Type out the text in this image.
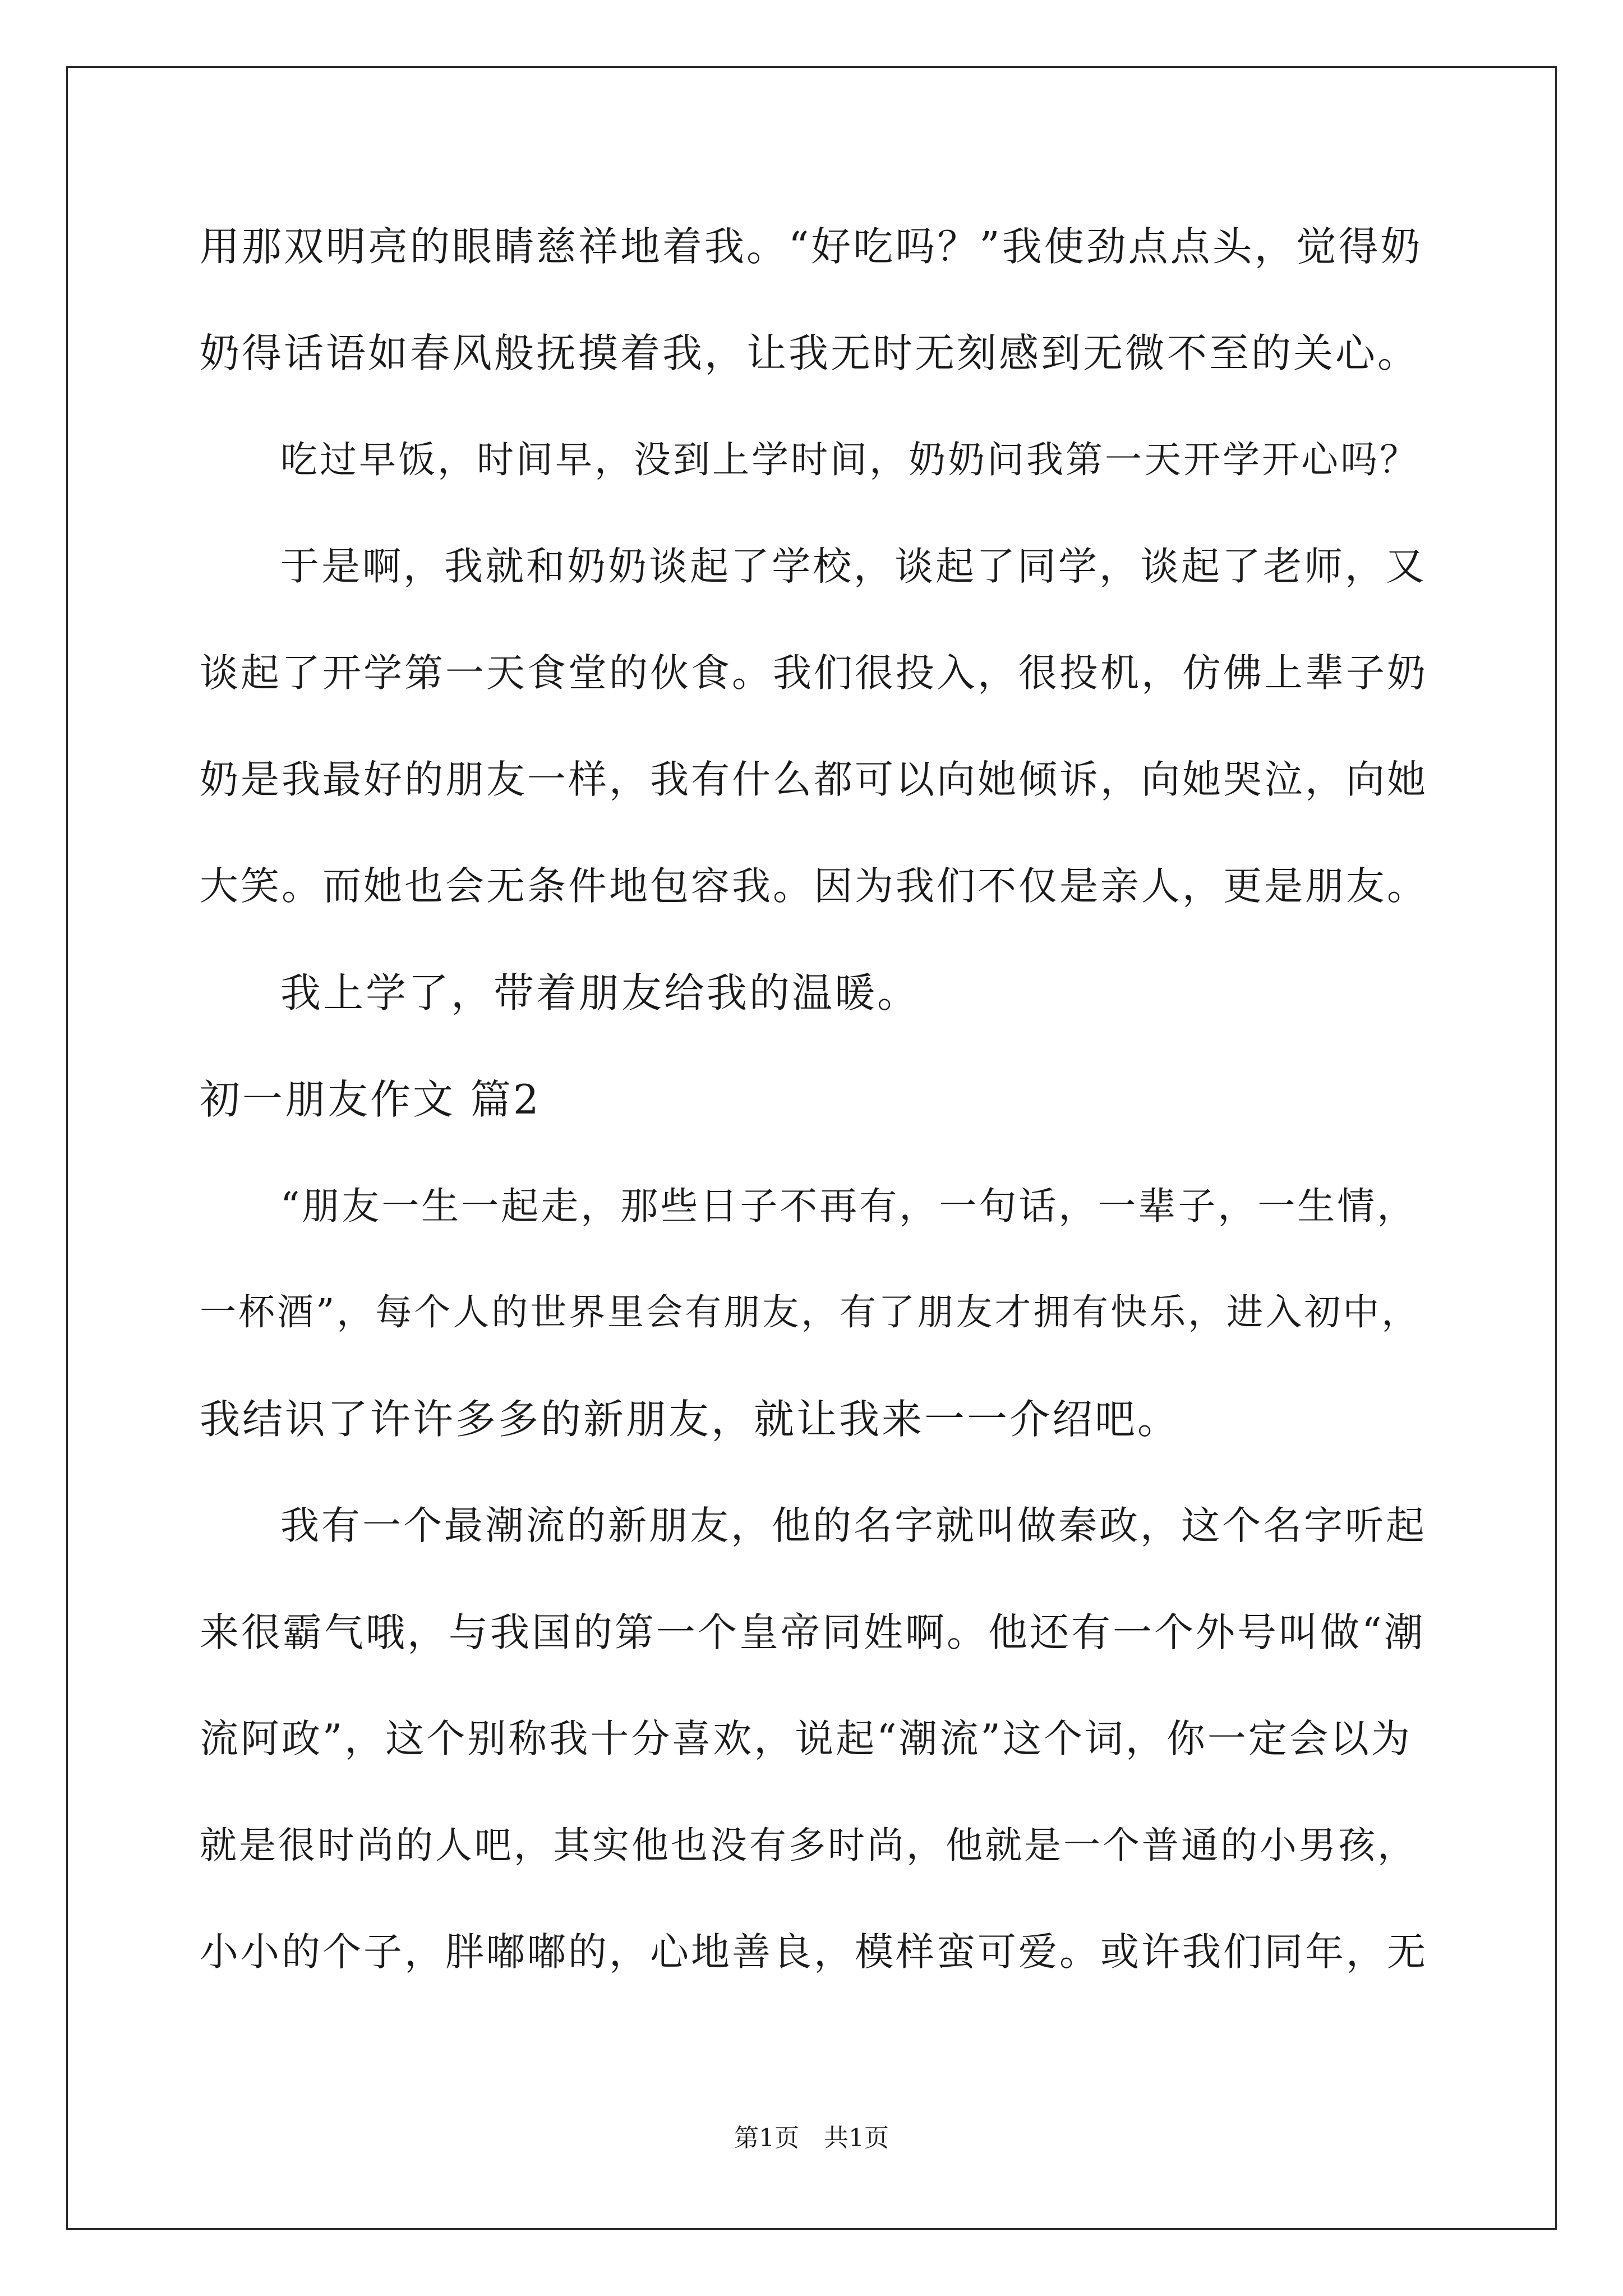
用那双明亮的眼睛慈祥地着我。“好吃吗？”我使劲点点头，觉得奶
奶得话语如春风般抚摸着我，让我无时无刻感到无微不至的关心。
吃过早饭，时间早，没到上学时间，奶奶问我第一天开学开心吗？
于是啊，我就和奶奶谈起了学校，谈起了同学，谈起了老师，又
谈起了开学第一天食堂的伙食。我们很投入，很投机，仿佛上辈子奶
奶是我最好的朋友一样，我有什么都可以向她倾诉，向她哭泣，向她
大笑。而她也会无条件地包容我。因为我们不仅是亲人，更是朋友。
我上学了，带着朋友给我的温暖。
初一朋友作文 篇2
“朋友一生一起走，那些日子不再有，一句话，一辈子，一生情，
一杯酒”，每个人的世界里会有朋友，有了朋友才拥有快乐，进入初中，
我结识了许许多多的新朋友，就让我来一一介绍吧。
我有一个最潮流的新朋友，他的名字就叫做秦政，这个名字听起
来很霸气哦，与我国的第一个皇帝同姓啊。他还有一个外号叫做“潮
流阿政”，这个别称我十分喜欢，说起“潮流”这个词，你一定会以为
就是很时尚的人吧，其实他也没有多时尚，他就是一个普通的小男孩，
小小的个子，胖嘟嘟的，心地善良，模样蛮可爱。或许我们同年，无
第1页　共1页
